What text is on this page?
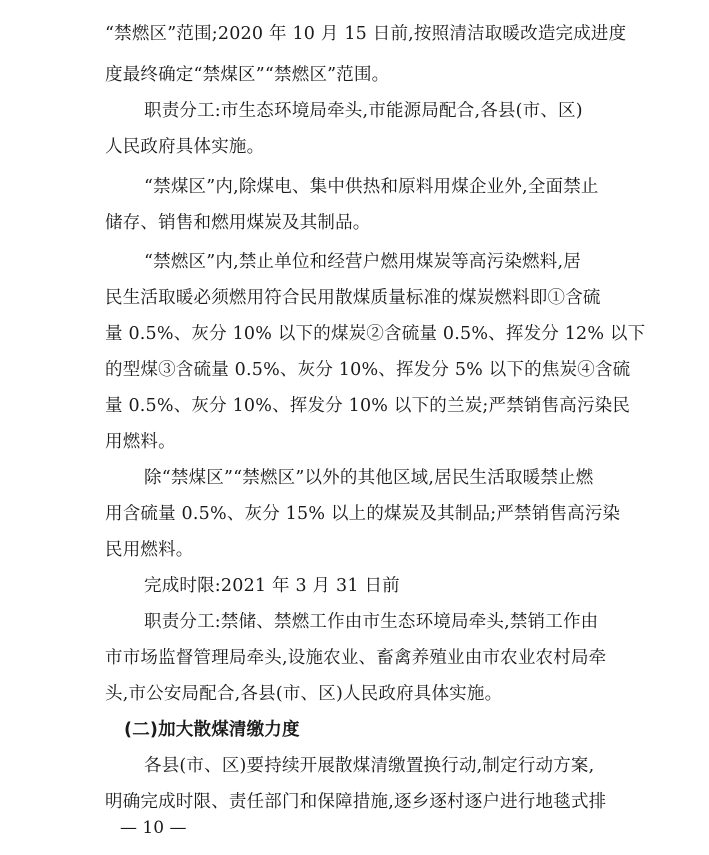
“禁燃区”范围;2020 年 10 月 15 日前,按照清洁取暖改造完成进度
度最终确定“禁煤区”“禁燃区”范围。
职责分工:市生态环境局牵头,市能源局配合,各县(市、区)
人民政府具体实施。
“禁煤区”内,除煤电、集中供热和原料用煤企业外,全面禁止
储存、销售和燃用煤炭及其制品。
“禁燃区”内,禁止单位和经营户燃用煤炭等高污染燃料,居
民生活取暖必须燃用符合民用散煤质量标准的煤炭燃料即①含硫
量 0.5%、灰分 10% 以下的煤炭②含硫量 0.5%、挥发分 12% 以下
的型煤③含硫量 0.5%、灰分 10%、挥发分 5% 以下的焦炭④含硫
量 0.5%、灰分 10%、挥发分 10% 以下的兰炭;严禁销售高污染民
用燃料。
除“禁煤区”“禁燃区”以外的其他区域,居民生活取暖禁止燃
用含硫量 0.5%、灰分 15% 以上的煤炭及其制品;严禁销售高污染
民用燃料。
完成时限:2021 年 3 月 31 日前
职责分工:禁储、禁燃工作由市生态环境局牵头,禁销工作由
市市场监督管理局牵头,设施农业、畜禽养殖业由市农业农村局牵
头,市公安局配合,各县(市、区)人民政府具体实施。
(二)加大散煤清缴力度
各县(市、区)要持续开展散煤清缴置换行动,制定行动方案,
明确完成时限、责任部门和保障措施,逐乡逐村逐户进行地毯式排
— 10 —
